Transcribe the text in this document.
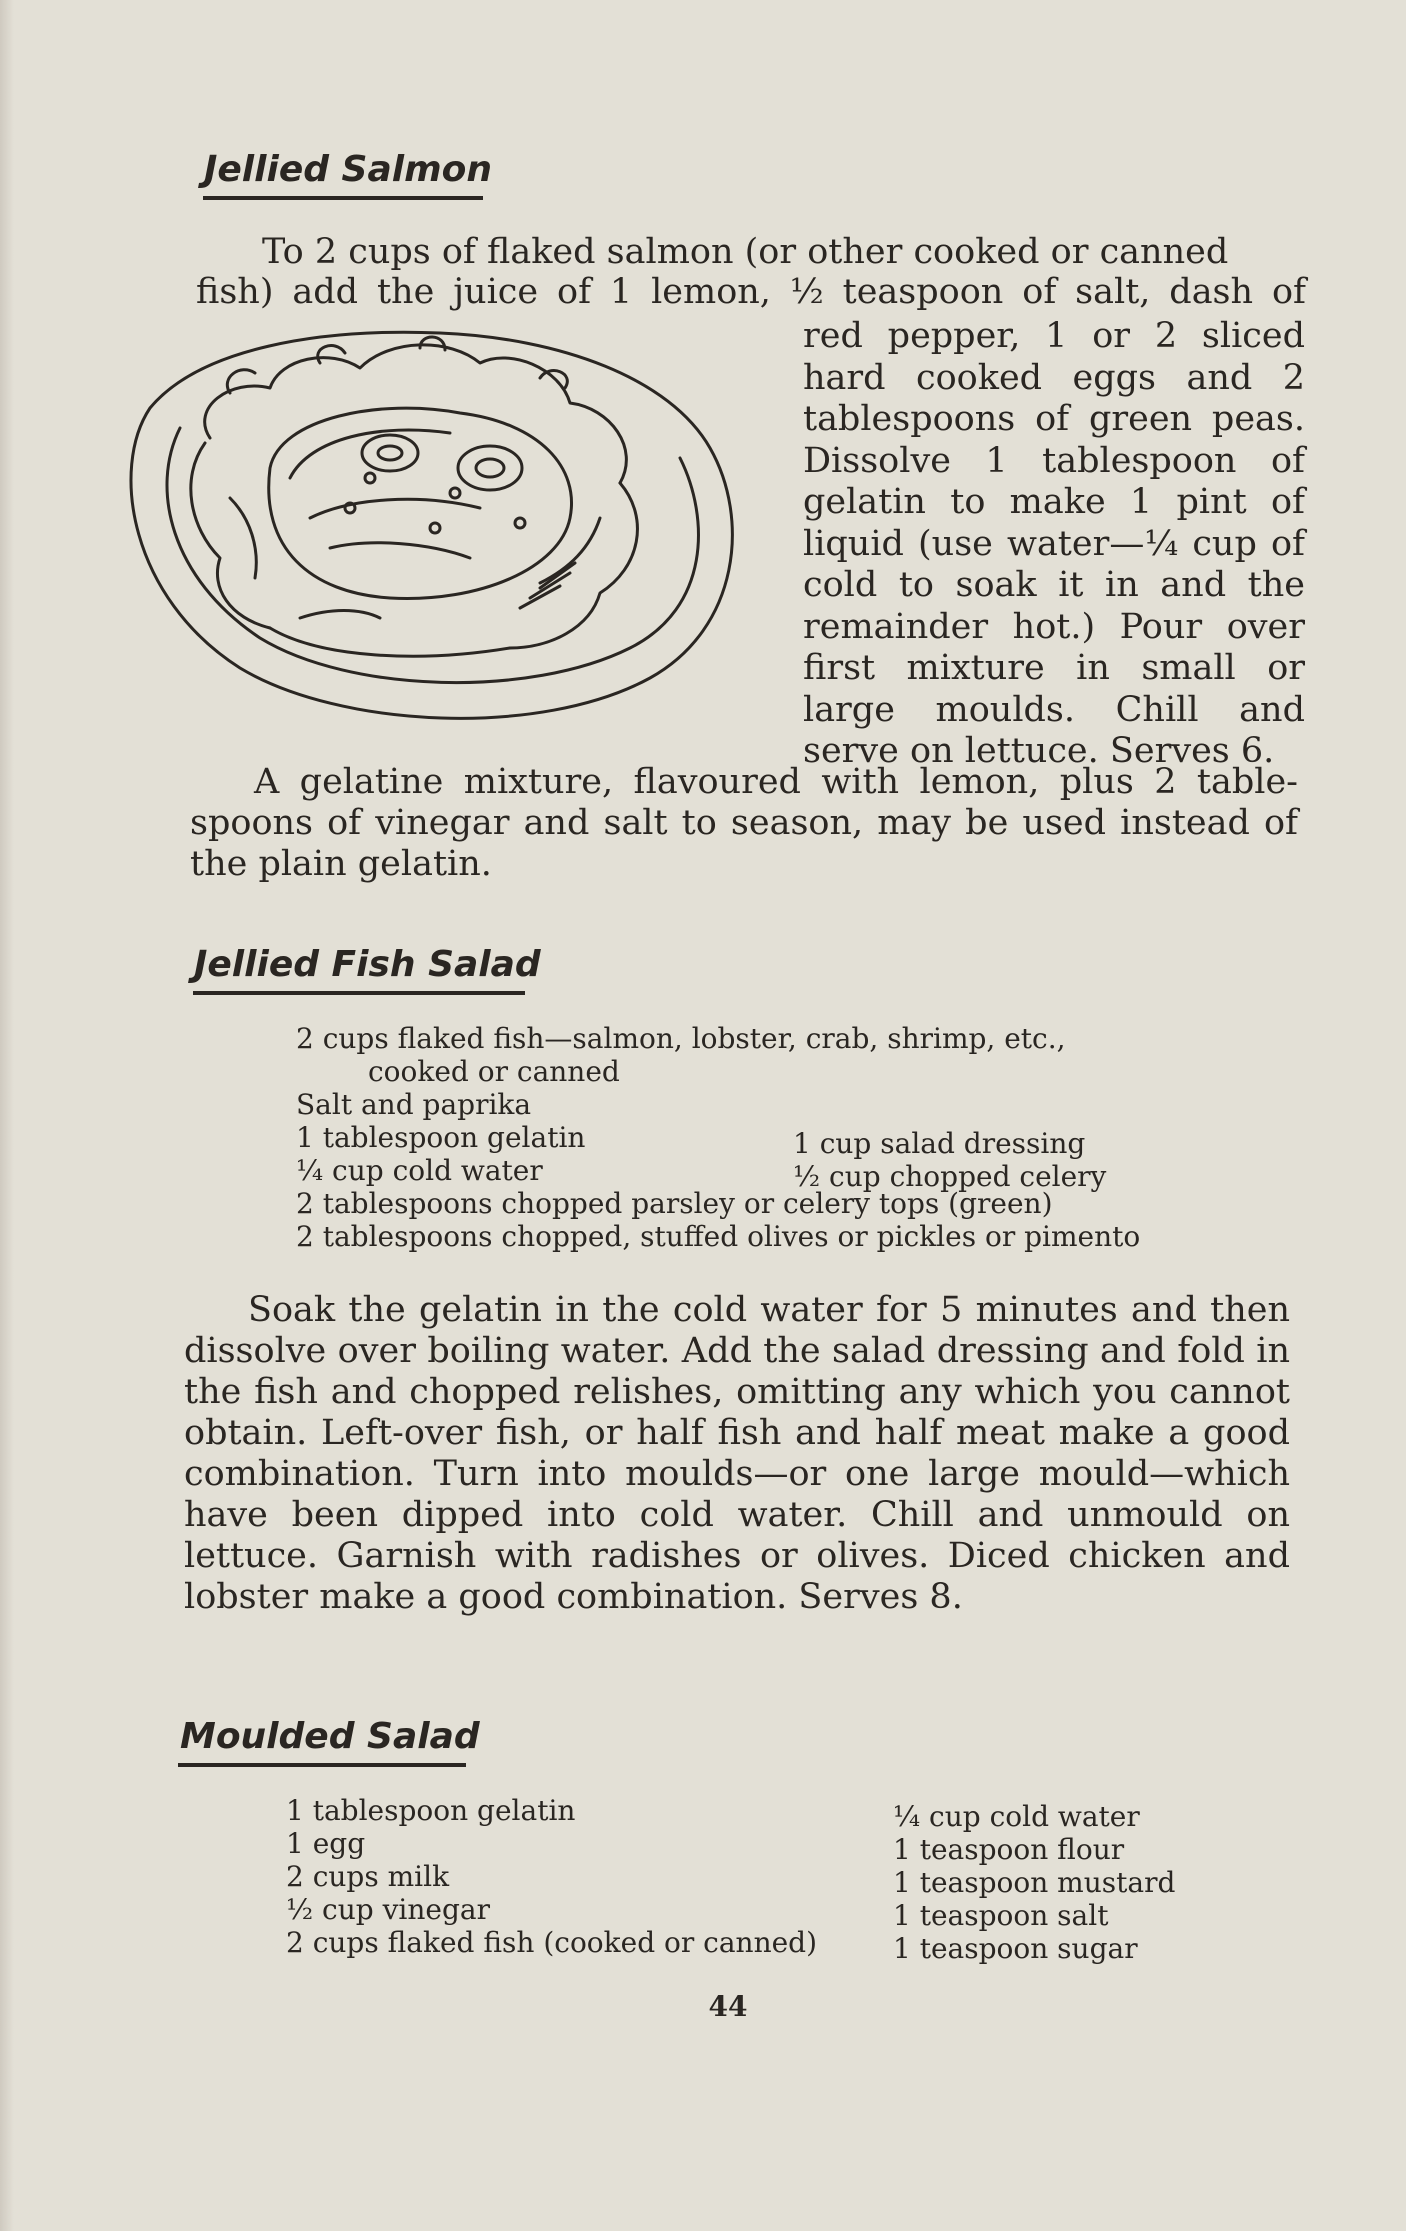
Jellied Salmon

To 2 cups of flaked salmon (or other cooked or canned

fish) add the juice of 1 lemon, ½ teaspoon of salt, dash of

red pepper, 1 or 2 sliced hard cooked eggs and 2 tablespoons of green peas. Dissolve 1 tablespoon of gelatin to make 1 pint of liquid (use water—¼ cup of cold to soak it in and the remainder hot.) Pour over first mixture in small or large moulds. Chill and serve on lettuce. Serves 6.

A gelatine mixture, flavoured with lemon, plus 2 table-spoons of vinegar and salt to season, may be used instead of the plain gelatin.

Jellied Fish Salad
2 cups flaked fish—salmon, lobster, crab, shrimp, etc.,
cooked or canned
Salt and paprika
1 tablespoon gelatin
¼ cup cold water
1 cup salad dressing
½ cup chopped celery
2 tablespoons chopped parsley or celery tops (green)
2 tablespoons chopped, stuffed olives or pickles or pimento

Soak the gelatin in the cold water for 5 minutes and then dissolve over boiling water. Add the salad dressing and fold in the fish and chopped relishes, omitting any which you cannot obtain. Left-over fish, or half fish and half meat make a good combination. Turn into moulds—or one large mould—which have been dipped into cold water. Chill and unmould on lettuce. Garnish with radishes or olives. Diced chicken and lobster make a good combination. Serves 8.

Moulded Salad
1 tablespoon gelatin
1 egg
2 cups milk
½ cup vinegar
2 cups flaked fish (cooked or canned)
¼ cup cold water
1 teaspoon flour
1 teaspoon mustard
1 teaspoon salt
1 teaspoon sugar

44
